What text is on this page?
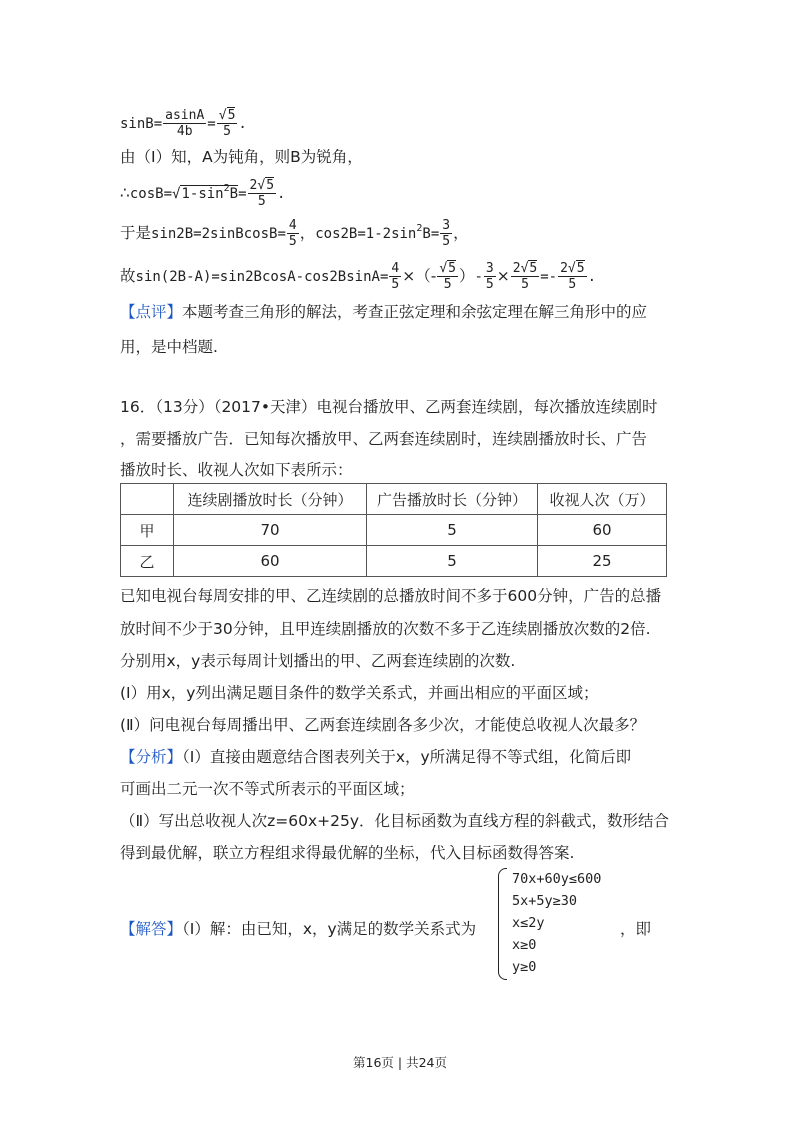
$\sin B= \frac{asinA}{4b} = \frac{√5}{5}$ .
由（Ⅰ）知，A为钝角，则B为锐角，
$\therefore\cos B=√1-\sin^2B= \frac{2√5}{5}$ .
于是sin2B=2sinBcosB= $\frac{4}{5}$ ，$\cos 2B=1-2\sin^2B= \frac{3}{5}$ ，
故$\sin(2B-A)=\sin 2BcosA-\cos 2BsinA= \frac{4}{5}$ ×（- $\frac{√5}{5}$ ）- $\frac{3}{5} \times \frac{2√5}{5} =- \frac{2√5}{5}$ .
【点评】本题考查三角形的解法，考查正弦定理和余弦定理在解三角形中的应
用，是中档题.
16．（13分）（2017•天津）电视台播放甲、乙两套连续剧，每次播放连续剧时
，需要播放广告．已知每次播放甲、乙两套连续剧时，连续剧播放时长、广告
播放时长、收视人次如下表所示：
	连续剧播放时长（分钟）	广告播放时长（分钟）	收视人次（万）
甲	70	5	60
乙	60	5	25
已知电视台每周安排的甲、乙连续剧的总播放时间不多于600分钟，广告的总播
放时间不少于30分钟，且甲连续剧播放的次数不多于乙连续剧播放次数的2倍.
分别用x，y表示每周计划播出的甲、乙两套连续剧的次数.
(Ⅰ）用x，y列出满足题目条件的数学关系式，并画出相应的平面区域；
(Ⅱ）问电视台每周播出甲、乙两套连续剧各多少次，才能使总收视人次最多？
【分析】（Ⅰ）直接由题意结合图表列关于x，y所满足得不等式组，化简后即
可画出二元一次不等式所表示的平面区域；
（Ⅱ）写出总收视人次z=60x+25y．化目标函数为直线方程的斜截式，数形结合
得到最优解，联立方程组求得最优解的坐标，代入目标函数得答案.
【解答】（Ⅰ）解：由已知，x，y满足的数学关系式为
70x+60y≤600
5x+5y≥30
x≤2y
x≥0
y≥0
，即
第16页 | 共24页
